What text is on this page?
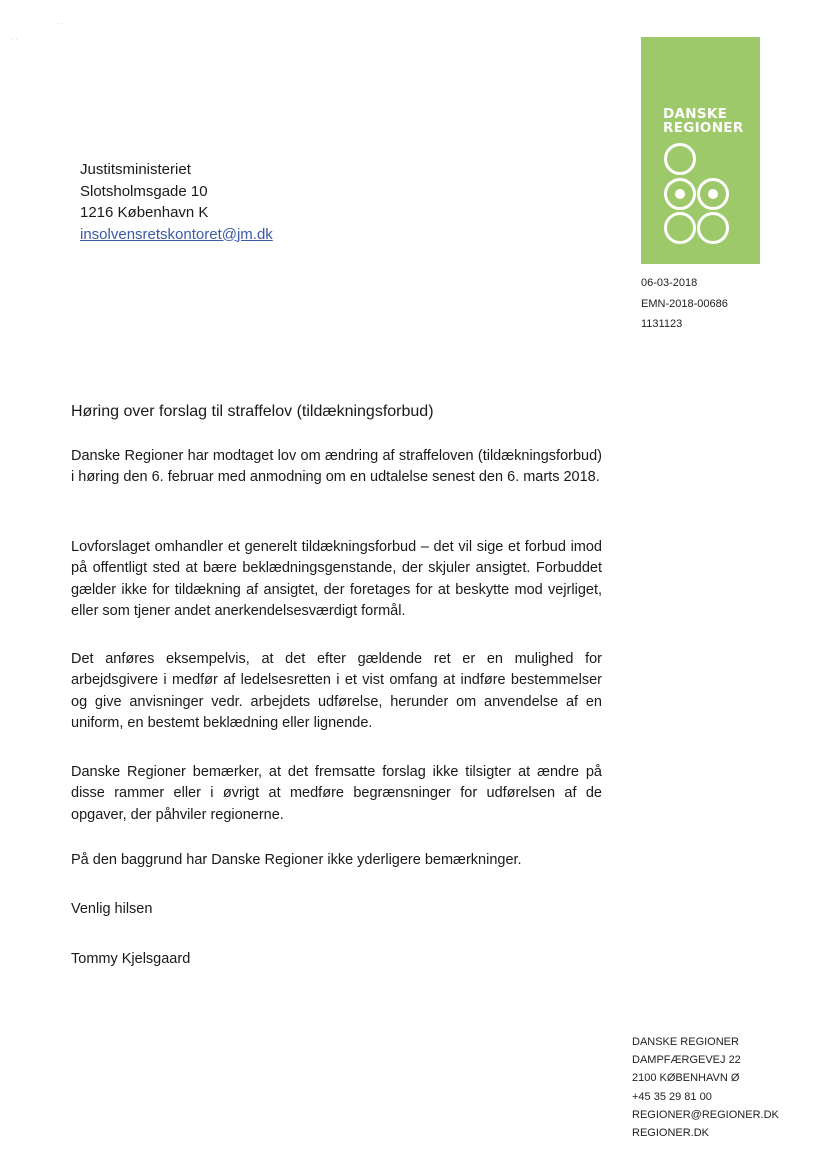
˙ ˙
˙ ˙
Justitsministeriet
Slotsholmsgade 10
1216 København K
insolvensretskontoret@jm.dk
DANSKE
REGIONER
06-03-2018
EMN-2018-00686
1131123
Høring over forslag til straffelov (tildækningsforbud)

Danske Regioner har modtaget lov om ændring af straffeloven (tildækningsforbud) i høring den 6. februar med anmodning om en udtalelse senest den 6. marts 2018.

Lovforslaget omhandler et generelt tildækningsforbud – det vil sige et forbud imod på offentligt sted at bære beklædningsgenstande, der skjuler ansigtet. Forbuddet gælder ikke for tildækning af ansigtet, der foretages for at beskytte mod vejrliget, eller som tjener andet anerkendelsesværdigt formål.

Det anføres eksempelvis, at det efter gældende ret er en mulighed for arbejdsgivere i medfør af ledelsesretten i et vist omfang at indføre bestemmelser og give anvisninger vedr. arbejdets udførelse, herunder om anvendelse af en uniform, en bestemt beklædning eller lignende.

Danske Regioner bemærker, at det fremsatte forslag ikke tilsigter at ændre på disse rammer eller i øvrigt at medføre begrænsninger for udførelsen af de opgaver, der påhviler regionerne.

På den baggrund har Danske Regioner ikke yderligere bemærkninger.

Venlig hilsen
Tommy Kjelsgaard
DANSKE REGIONER
DAMPFÆRGEVEJ 22
2100 KØBENHAVN Ø
+45 35 29 81 00
REGIONER@REGIONER.DK
REGIONER.DK
